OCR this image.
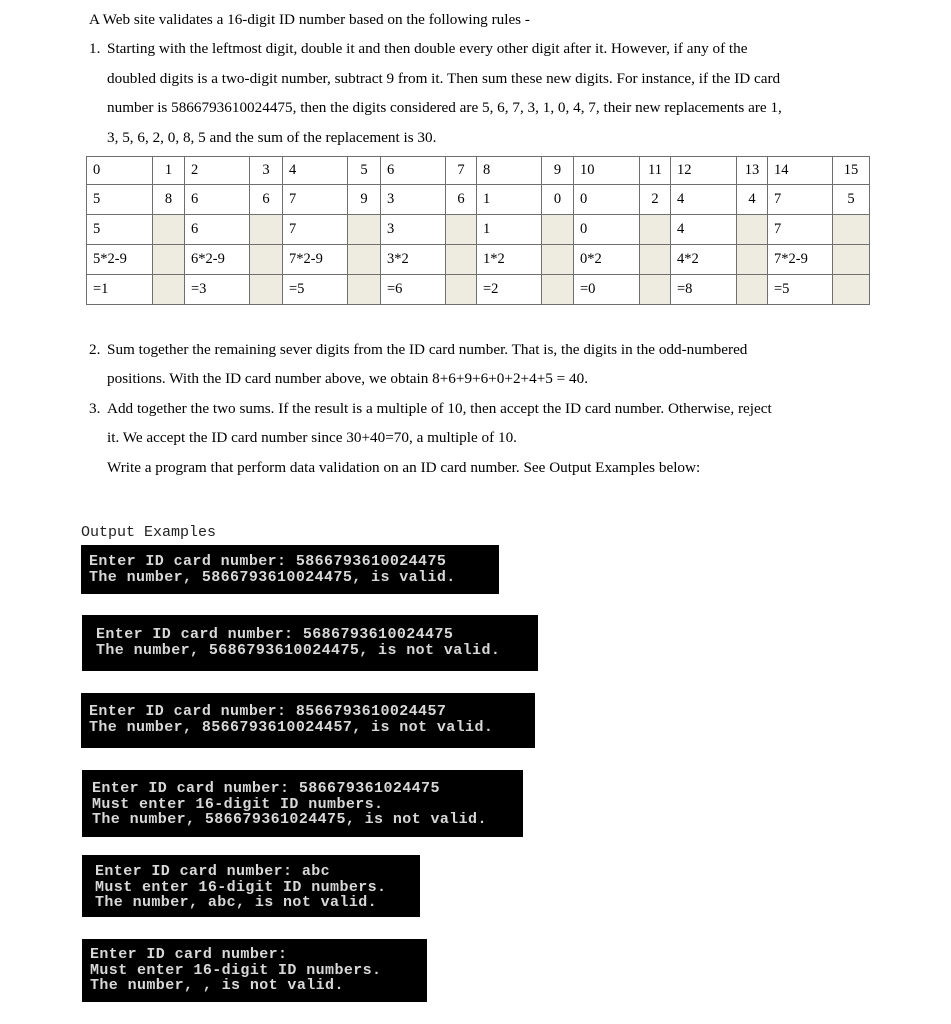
A Web site validates a 16-digit ID number based on the following rules -
1. Starting with the leftmost digit, double it and then double every other digit after it. However, if any of the
doubled digits is a two-digit number, subtract 9 from it. Then sum these new digits. For instance, if the ID card
number is 5866793610024475, then the digits considered are 5, 6, 7, 3, 1, 0, 4, 7, their new replacements are 1,
3, 5, 6, 2, 0, 8, 5 and the sum of the replacement is 30.
0	1	2	3	4	5	6	7	8	9	10	11	12	13	14	15
5	8	6	6	7	9	3	6	1	0	0	2	4	4	7	5
5		6		7		3		1		0		4		7	
5*2-9		6*2-9		7*2-9		3*2		1*2		0*2		4*2		7*2-9	
=1		=3		=5		=6		=2		=0		=8		=5	
2. Sum together the remaining sever digits from the ID card number. That is, the digits in the odd-numbered
positions. With the ID card number above, we obtain 8+6+9+6+0+2+4+5 = 40.
3. Add together the two sums. If the result is a multiple of 10, then accept the ID card number. Otherwise, reject
it. We accept the ID card number since 30+40=70, a multiple of 10.
Write a program that perform data validation on an ID card number. See Output Examples below:
Output Examples
Enter ID card number: 5866793610024475
The number, 5866793610024475, is valid.
Enter ID card number: 5686793610024475
The number, 5686793610024475, is not valid.
Enter ID card number: 8566793610024457
The number, 8566793610024457, is not valid.
Enter ID card number: 586679361024475
Must enter 16-digit ID numbers.
The number, 586679361024475, is not valid.
Enter ID card number: abc
Must enter 16-digit ID numbers.
The number, abc, is not valid.
Enter ID card number:
Must enter 16-digit ID numbers.
The number, , is not valid.
